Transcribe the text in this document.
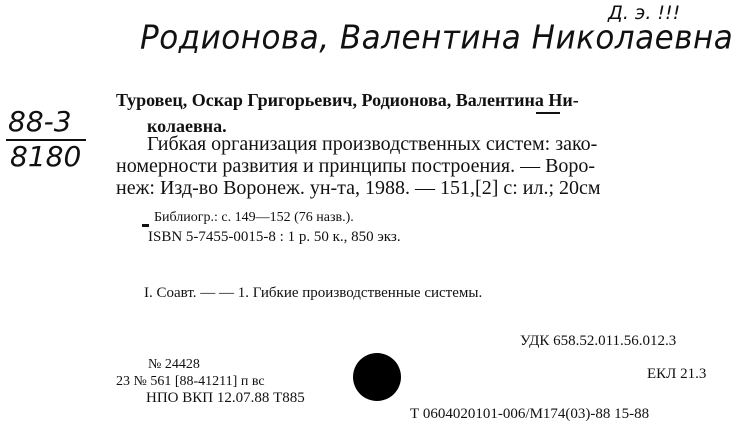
Родионова, Валентина Николаевна
Д. э. !!!
88-3
8180
Туровец, Оскар Григорьевич, Родионова, Валентина Ни-
колаевна.
Гибкая организация производственных систем: зако-
номерности развития и принципы построения. — Воро-
неж: Изд-во Воронеж. ун-та, 1988. — 151,[2] с: ил.; 20см
Библиогр.: с. 149—152 (76 назв.).
ISBN 5-7455-0015-8 : 1 р. 50 к., 850 экз.
I. Соавт. — — 1. Гибкие производственные системы.
УДК 658.52.011.56.012.3
ЕКЛ 21.3
№ 24428
23 № 561 [88-41211] п вс
НПО ВКП 12.07.88 T885
Т 0604020101-006/М174(03)-88 15-88
